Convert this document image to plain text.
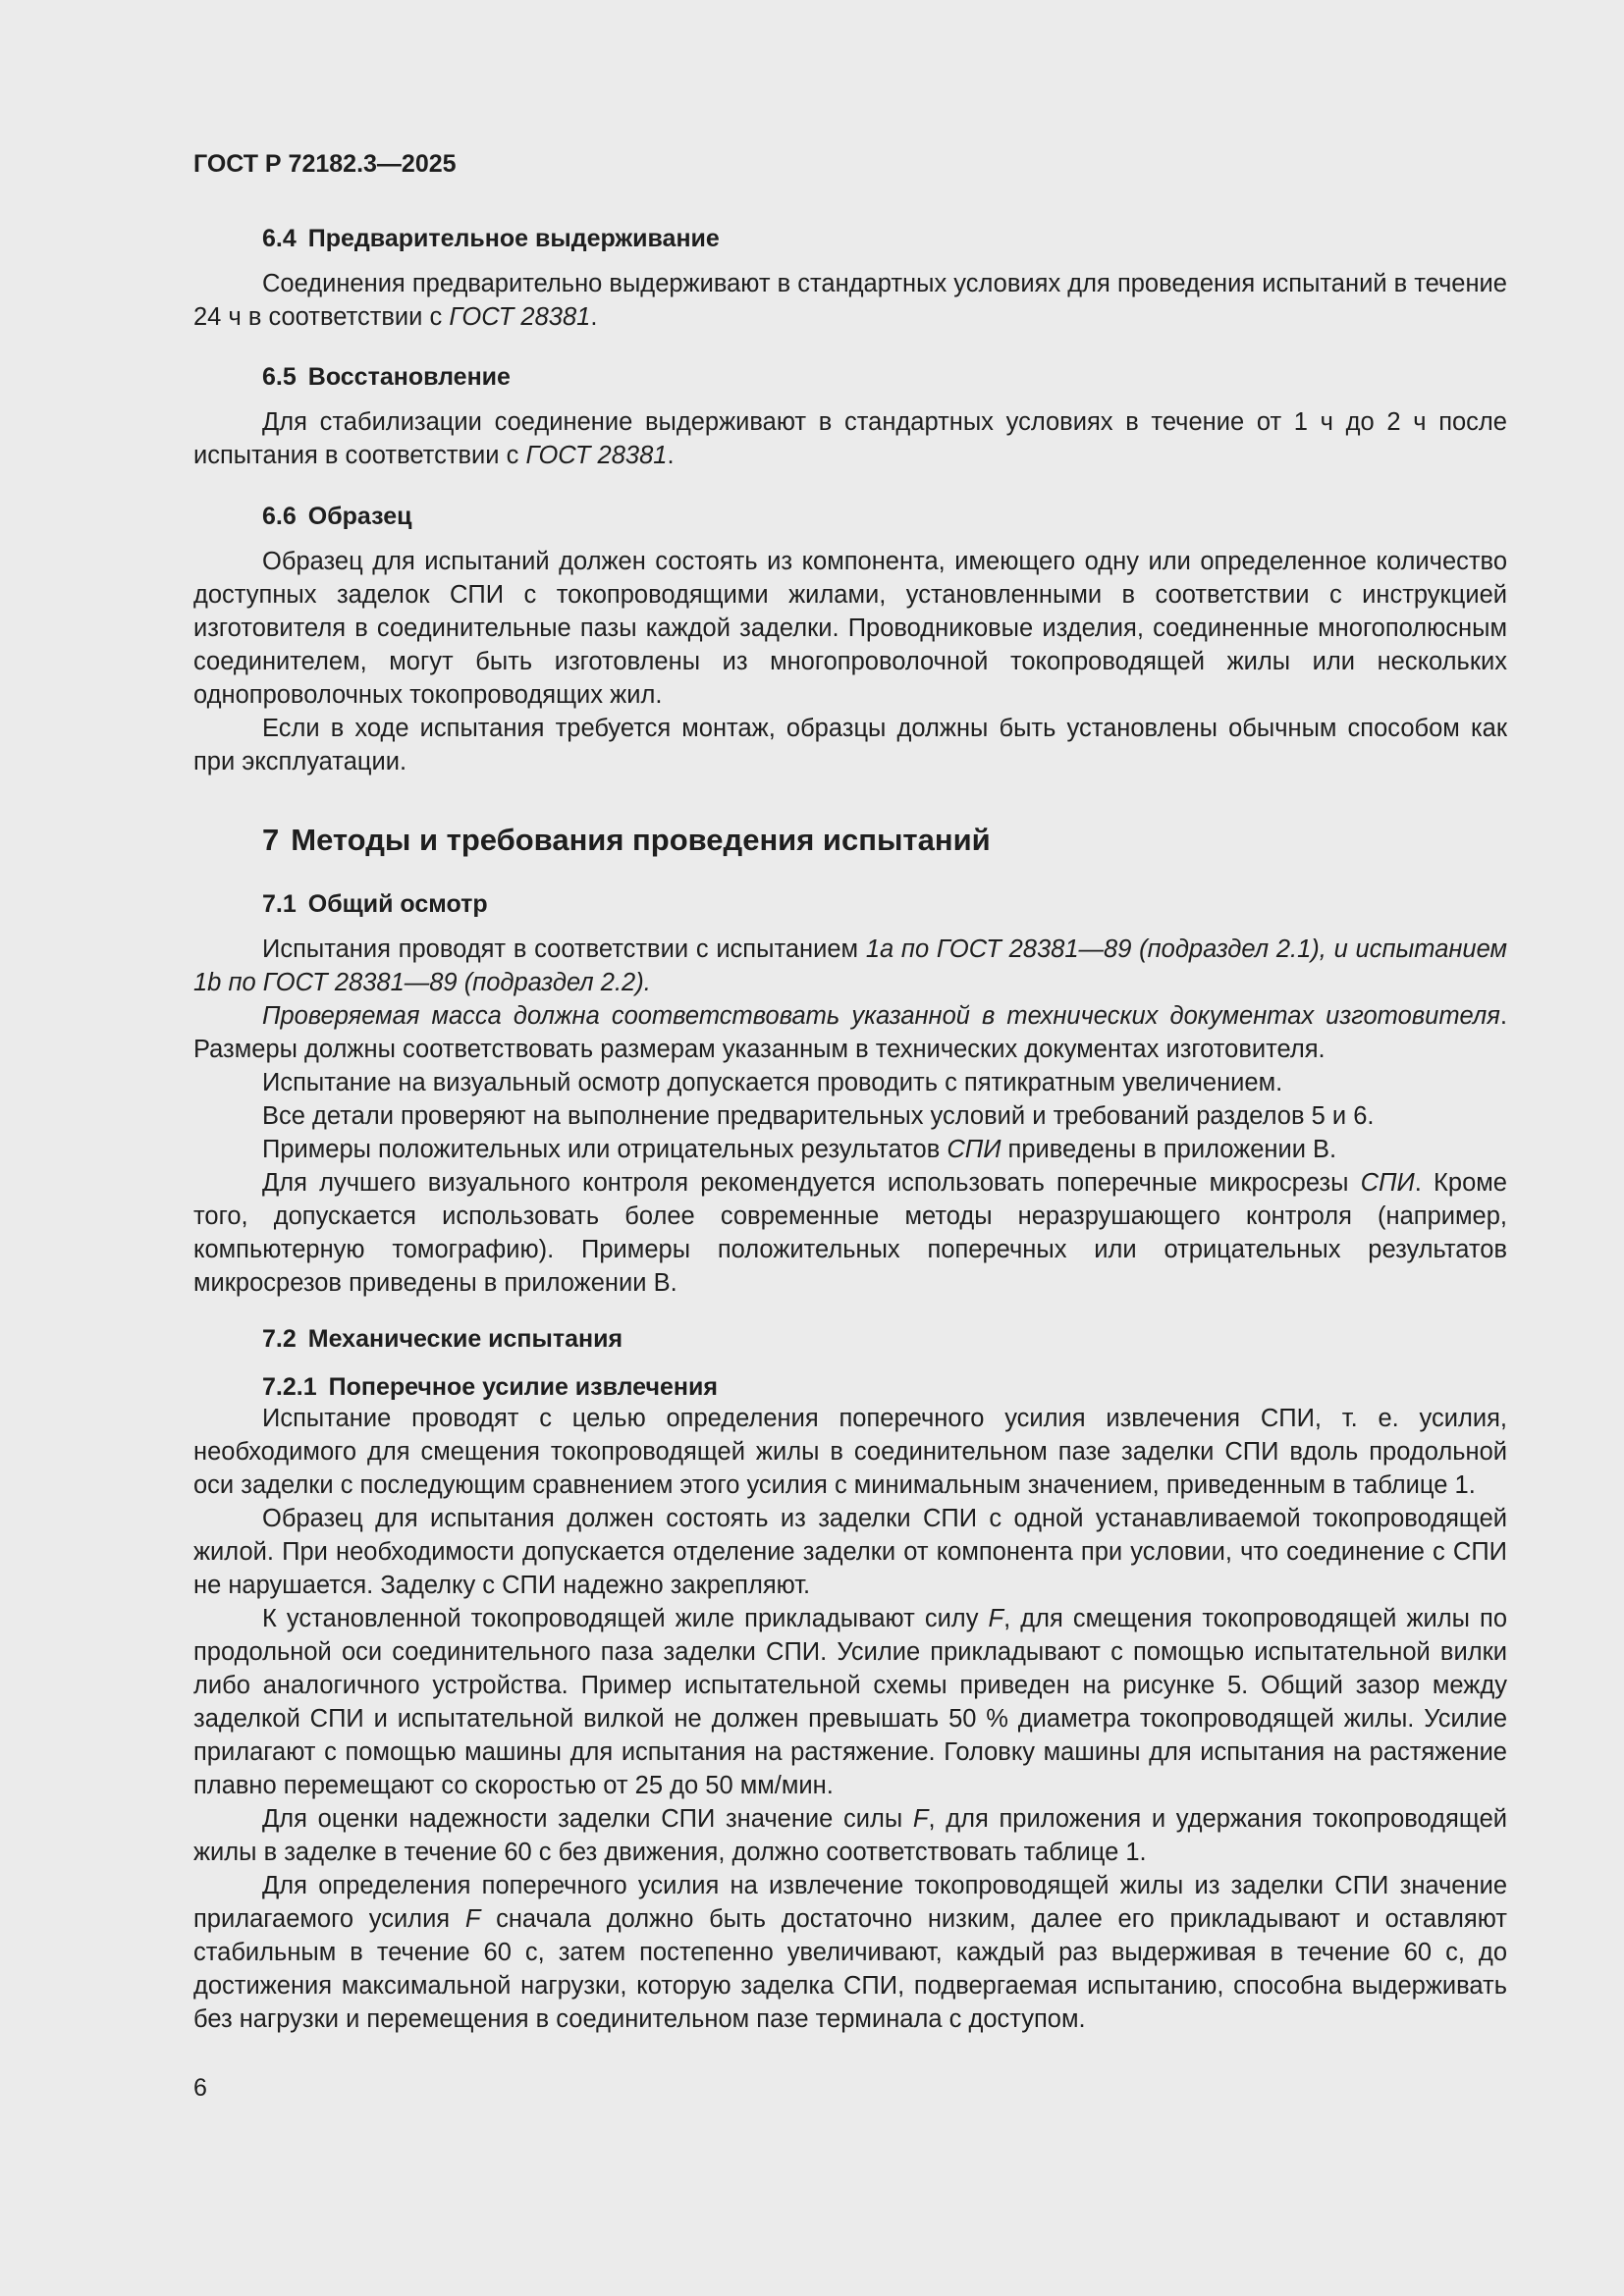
ГОСТ Р 72182.3—2025
6.4 Предварительное выдерживание

Соединения предварительно выдерживают в стандартных условиях для проведения испытаний в течение 24 ч в соответствии с ГОСТ 28381.

6.5 Восстановление

Для стабилизации соединение выдерживают в стандартных условиях в течение от 1 ч до 2 ч после испытания в соответствии с ГОСТ 28381.

6.6 Образец

Образец для испытаний должен состоять из компонента, имеющего одну или определенное количество доступных заделок СПИ с токопроводящими жилами, установленными в соответствии с инструкцией изготовителя в соединительные пазы каждой заделки. Проводниковые изделия, соединенные многополюсным соединителем, могут быть изготовлены из многопроволочной токопроводящей жилы или нескольких однопроволочных токопроводящих жил.

Если в ходе испытания требуется монтаж, образцы должны быть установлены обычным способом как при эксплуатации.

7 Методы и требования проведения испытаний
7.1 Общий осмотр

Испытания проводят в соответствии с испытанием 1a по ГОСТ 28381—89 (подраздел 2.1), и испытанием 1b по ГОСТ 28381—89 (подраздел 2.2).

Проверяемая масса должна соответствовать указанной в технических документах изготовителя. Размеры должны соответствовать размерам указанным в технических документах изготовителя.

Испытание на визуальный осмотр допускается проводить с пятикратным увеличением.

Все детали проверяют на выполнение предварительных условий и требований разделов 5 и 6.

Примеры положительных или отрицательных результатов СПИ приведены в приложении В.

Для лучшего визуального контроля рекомендуется использовать поперечные микросрезы СПИ. Кроме того, допускается использовать более современные методы неразрушающего контроля (например, компьютерную томографию). Примеры положительных поперечных или отрицательных результатов микросрезов приведены в приложении В.

7.2 Механические испытания
7.2.1 Поперечное усилие извлечения

Испытание проводят с целью определения поперечного усилия извлечения СПИ, т. е. усилия, необходимого для смещения токопроводящей жилы в соединительном пазе заделки СПИ вдоль продольной оси заделки с последующим сравнением этого усилия с минимальным значением, приведенным в таблице 1.

Образец для испытания должен состоять из заделки СПИ с одной устанавливаемой токопроводящей жилой. При необходимости допускается отделение заделки от компонента при условии, что соединение с СПИ не нарушается. Заделку с СПИ надежно закрепляют.

К установленной токопроводящей жиле прикладывают силу F, для смещения токопроводящей жилы по продольной оси соединительного паза заделки СПИ. Усилие прикладывают с помощью испытательной вилки либо аналогичного устройства. Пример испытательной схемы приведен на рисунке 5. Общий зазор между заделкой СПИ и испытательной вилкой не должен превышать 50 % диаметра токопроводящей жилы. Усилие прилагают с помощью машины для испытания на растяжение. Головку машины для испытания на растяжение плавно перемещают со скоростью от 25 до 50 мм/мин.

Для оценки надежности заделки СПИ значение силы F, для приложения и удержания токопроводящей жилы в заделке в течение 60 с без движения, должно соответствовать таблице 1.

Для определения поперечного усилия на извлечение токопроводящей жилы из заделки СПИ значение прилагаемого усилия F сначала должно быть достаточно низким, далее его прикладывают и оставляют стабильным в течение 60 с, затем постепенно увеличивают, каждый раз выдерживая в течение 60 с, до достижения максимальной нагрузки, которую заделка СПИ, подвергаемая испытанию, способна выдерживать без нагрузки и перемещения в соединительном пазе терминала с доступом.

6
